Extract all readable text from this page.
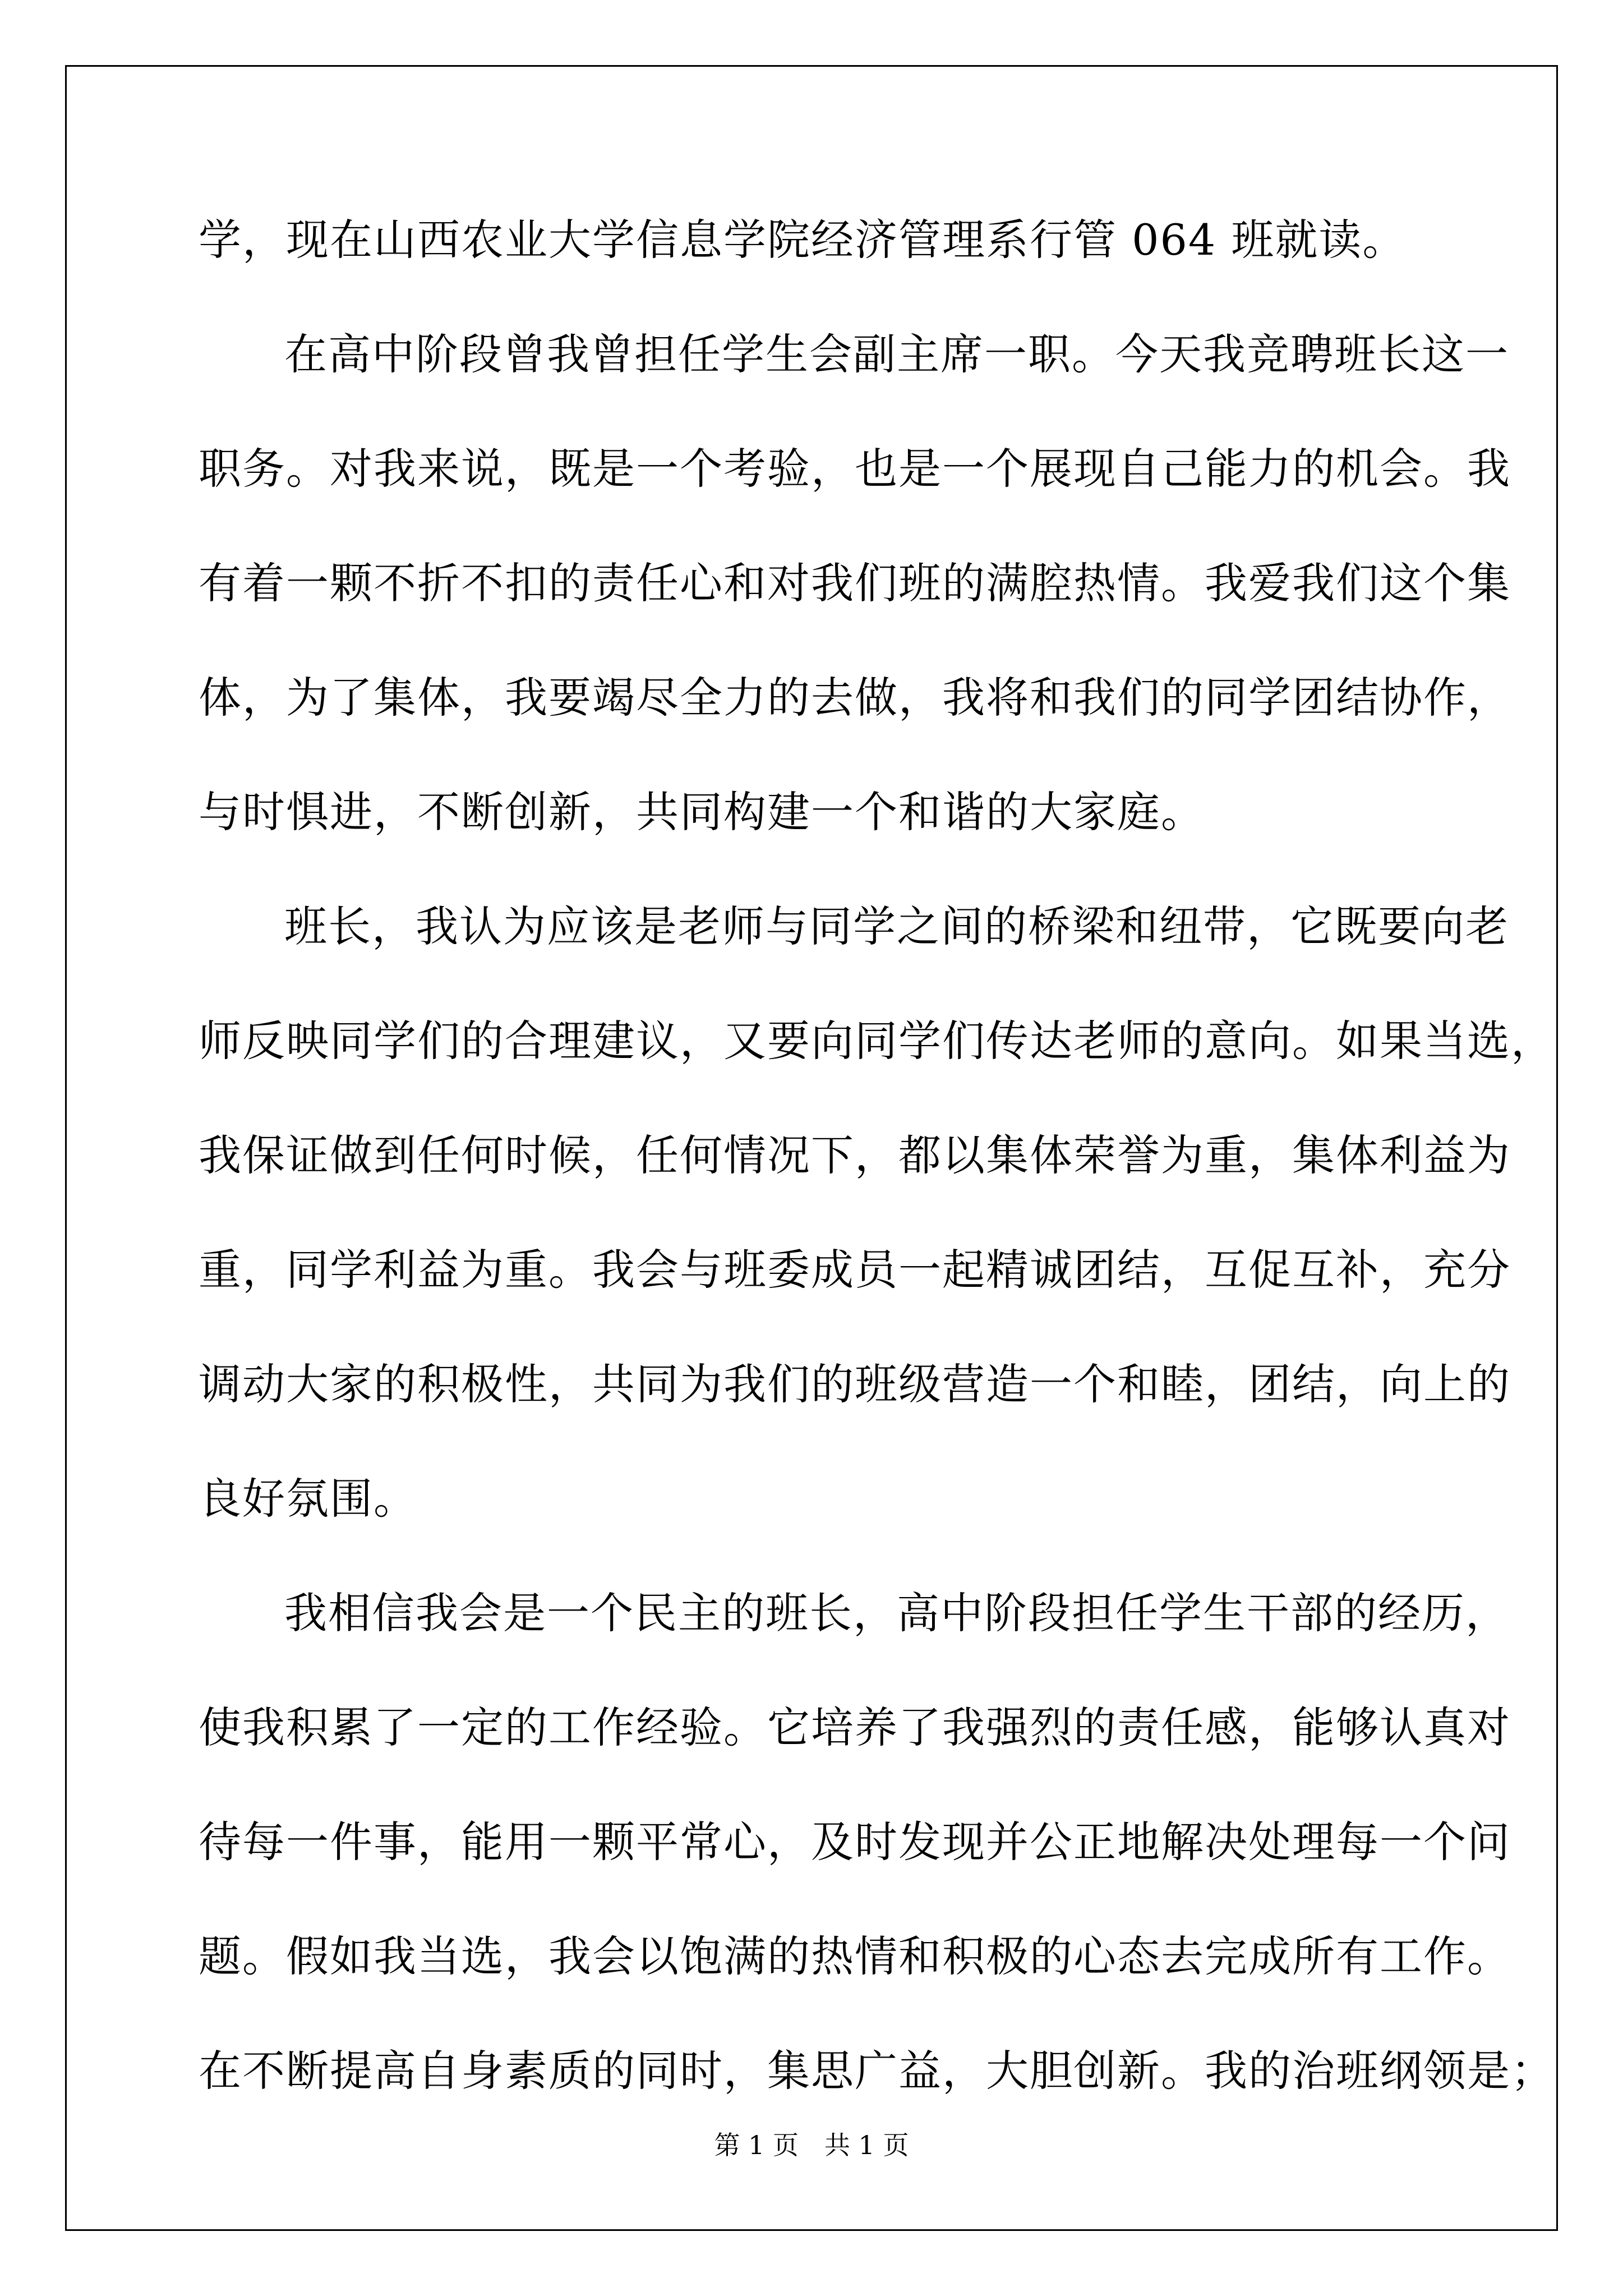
学，现在山西农业大学信息学院经济管理系行管 064 班就读。
在高中阶段曾我曾担任学生会副主席一职。今天我竞聘班长这一
职务。对我来说，既是一个考验，也是一个展现自己能力的机会。我
有着一颗不折不扣的责任心和对我们班的满腔热情。我爱我们这个集
体，为了集体，我要竭尽全力的去做，我将和我们的同学团结协作，
与时惧进，不断创新，共同构建一个和谐的大家庭。
班长，我认为应该是老师与同学之间的桥梁和纽带，它既要向老
师反映同学们的合理建议，又要向同学们传达老师的意向。如果当选，
我保证做到任何时候，任何情况下，都以集体荣誉为重，集体利益为
重，同学利益为重。我会与班委成员一起精诚团结，互促互补，充分
调动大家的积极性，共同为我们的班级营造一个和睦，团结，向上的
良好氛围。
我相信我会是一个民主的班长，高中阶段担任学生干部的经历，
使我积累了一定的工作经验。它培养了我强烈的责任感，能够认真对
待每一件事，能用一颗平常心，及时发现并公正地解决处理每一个问
题。假如我当选，我会以饱满的热情和积极的心态去完成所有工作。
在不断提高自身素质的同时，集思广益，大胆创新。我的治班纲领是；
第 1 页 共 1 页
